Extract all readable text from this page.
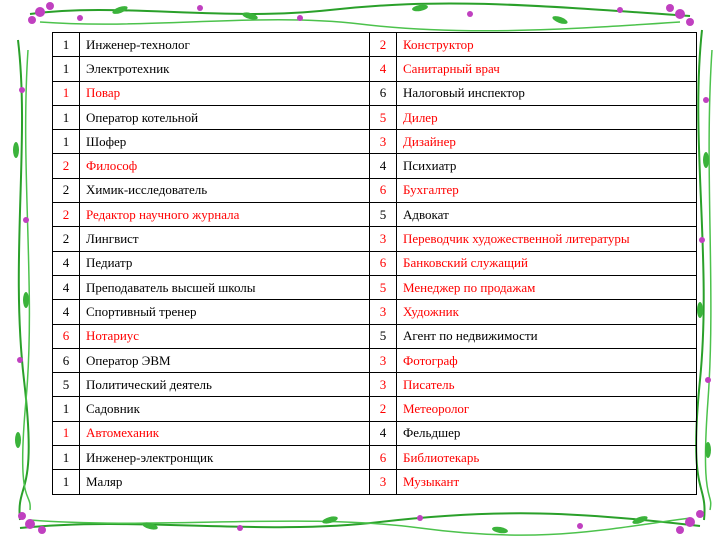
1	Инженер-технолог	2	Конструктор
1	Электротехник	4	Санитарный врач
1	Повар	6	Налоговый инспектор
1	Оператор котельной	5	Дилер
1	Шофер	3	Дизайнер
2	Философ	4	Психиатр
2	Химик-исследователь	6	Бухгалтер
2	Редактор научного журнала	5	Адвокат
2	Лингвист	3	Переводчик художественной литературы
4	Педиатр	6	Банковский служащий
4	Преподаватель высшей школы	5	Менеджер по продажам
4	Спортивный тренер	3	Художник
6	Нотариус	5	Агент по недвижимости
6	Оператор ЭВМ	3	Фотограф
5	Политический деятель	3	Писатель
1	Садовник	2	Метеоролог
1	Автомеханик	4	Фельдшер
1	Инженер-электронщик	6	Библиотекарь
1	Маляр	3	Музыкант
